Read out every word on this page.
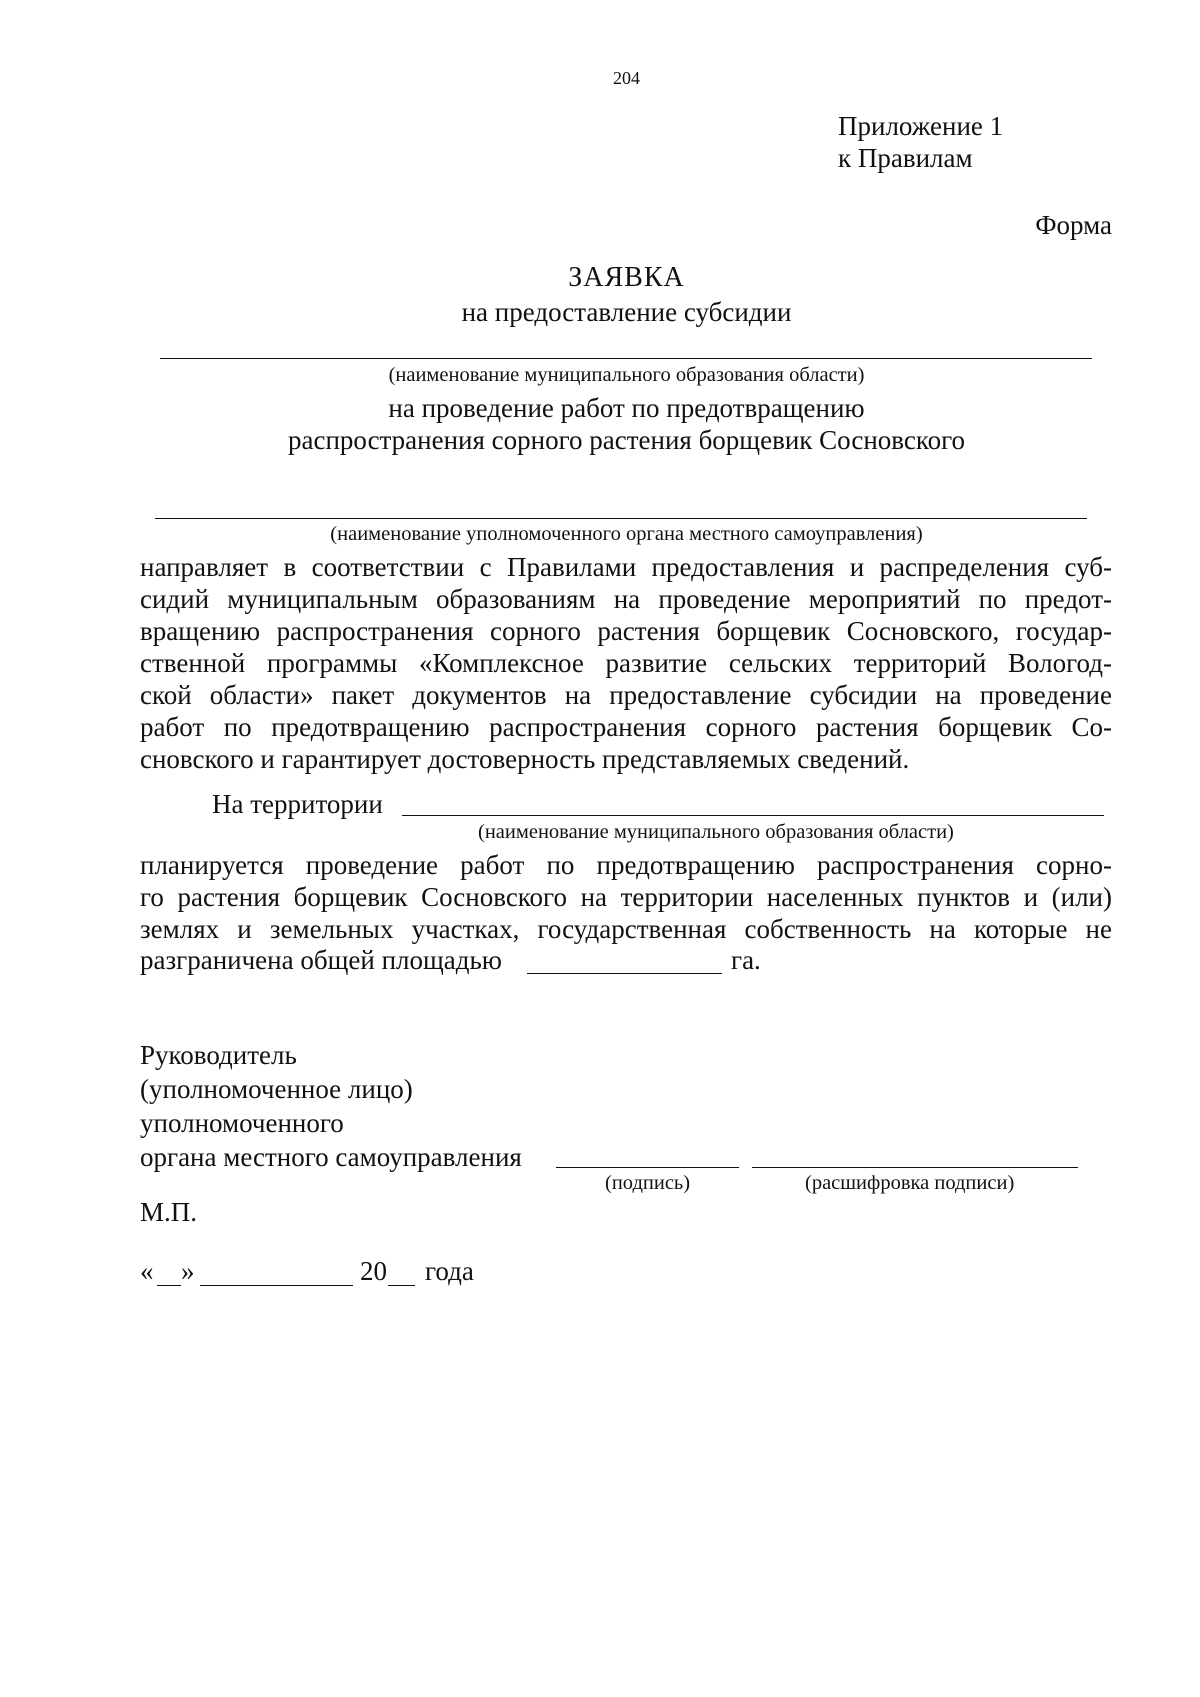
204
Приложение 1
к Правилам
Форма
ЗАЯВКА
на предоставление субсидии
(наименование муниципального образования области)
на проведение работ по предотвращению
распространения сорного растения борщевик Сосновского
(наименование уполномоченного органа местного самоуправления)
направляет в соответствии с Правилами предоставления и распределения суб-
сидий муниципальным образованиям на проведение мероприятий по предот-
вращению распространения сорного растения борщевик Сосновского, государ-
ственной программы «Комплексное развитие сельских территорий Вологод-
ской области» пакет документов на предоставление субсидии на проведение
работ по предотвращению распространения сорного растения борщевик Со-
сновского и гарантирует достоверность представляемых сведений.
На территории
(наименование муниципального образования области)
планируется проведение работ по предотвращению распространения сорно-
го растения борщевик Сосновского на территории населенных пунктов и (или)
землях и земельных участках, государственная собственность на которые не
разграничена общей площадью	га.
Руководитель
(уполномоченное лицо)
уполномоченного
органа местного самоуправления
(подпись)	(расшифровка подписи)
М.П.
« »	20 года
